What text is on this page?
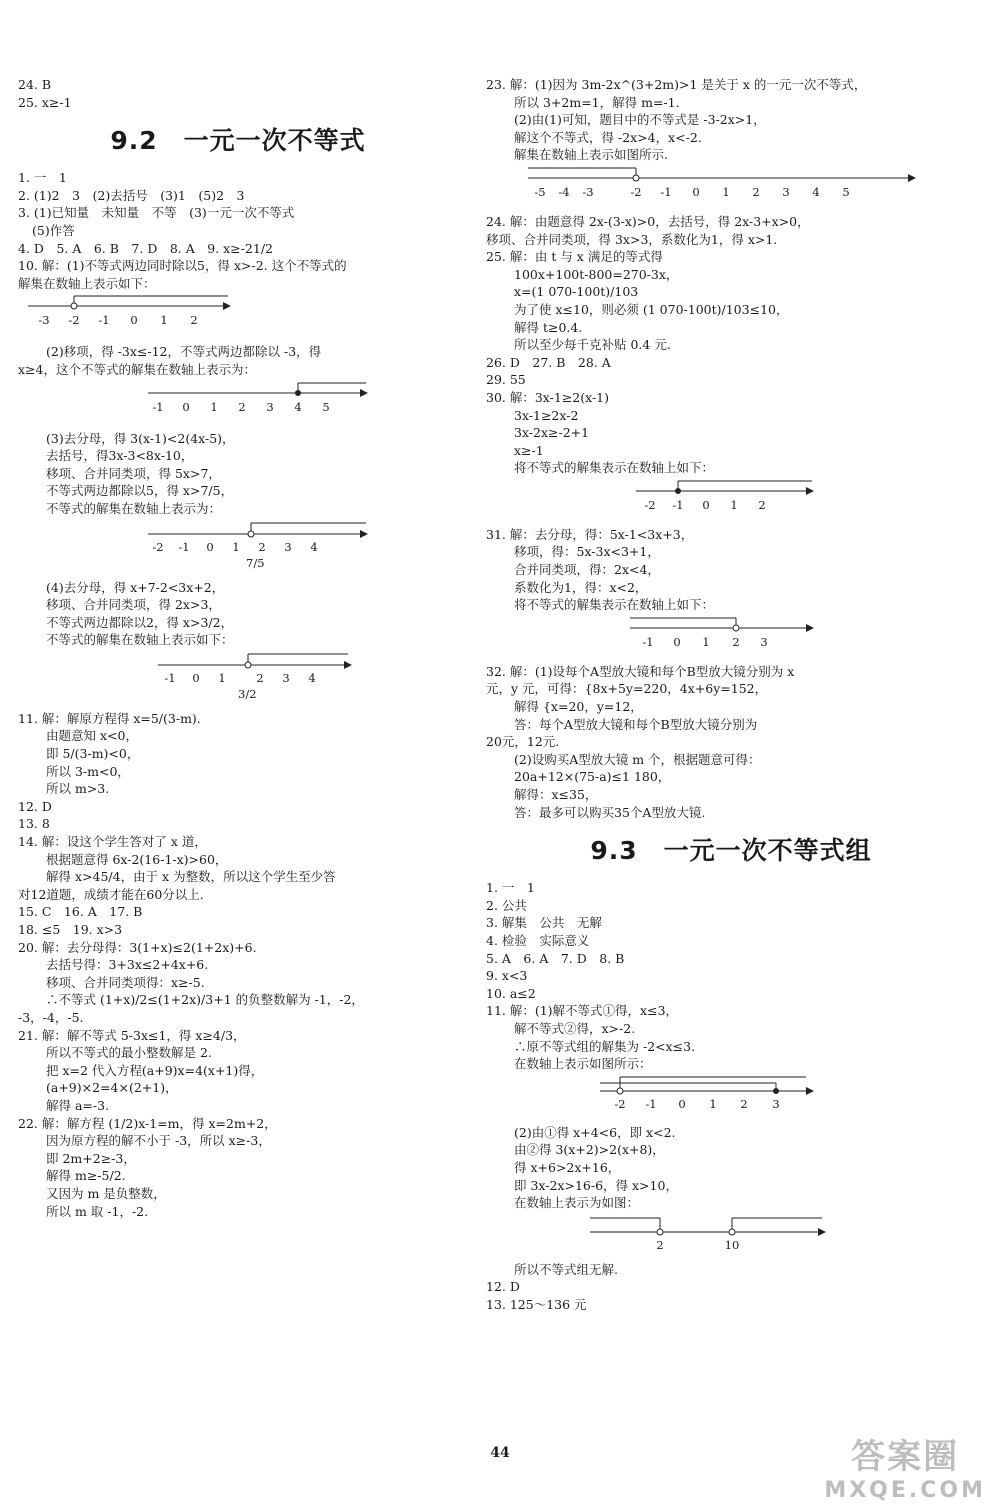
24. B
25. x≥-1
9.2　一元一次不等式
1. 一　1
2. (1)2　3　(2)去括号　(3)1　(5)2　3
3. (1)已知量　未知量　不等　(3)一元一次不等式
(5)作答
4. D　5. A　6. B　7. D　8. A　9. x≥-21/2
10. 解：(1)不等式两边同时除以5，得 x>-2. 这个不等式的
解集在数轴上表示如下：
-3 -2 -1 0 1 2
(2)移项，得 -3x≤-12，不等式两边都除以 -3，得
x≥4，这个不等式的解集在数轴上表示为：
-1 0 1 2 3 4 5
(3)去分母，得 3(x-1)<2(4x-5)，
去括号，得3x-3<8x-10，
移项、合并同类项，得 5x>7，
不等式两边都除以5，得 x>7/5，
不等式的解集在数轴上表示为：
-2 -1 0 1 2 3 4
7/5
(4)去分母，得 x+7-2<3x+2，
移项、合并同类项，得 2x>3，
不等式两边都除以2，得 x>3/2，
不等式的解集在数轴上表示如下：
-1 0 1	2 3 4
3/2
11. 解：解原方程得 x=5/(3-m).
由题意知 x<0，
即 5/(3-m)<0，
所以 3-m<0，
所以 m>3.
12. D
13. 8
14. 解：设这个学生答对了 x 道，
根据题意得 6x-2(16-1-x)>60，
解得 x>45/4，由于 x 为整数，所以这个学生至少答
对12道题，成绩才能在60分以上.
15. C　16. A　17. B
18. ≤5　19. x>3
20. 解：去分母得：3(1+x)≤2(1+2x)+6.
去括号得：3+3x≤2+4x+6.
移项、合并同类项得：x≥-5.
∴不等式 (1+x)/2≤(1+2x)/3+1 的负整数解为 -1，-2，
-3，-4，-5.
21. 解：解不等式 5-3x≤1，得 x≥4/3，
所以不等式的最小整数解是 2.
把 x=2 代入方程(a+9)x=4(x+1)得，
(a+9)×2=4×(2+1)，
解得 a=-3.
22. 解：解方程 (1/2)x-1=m，得 x=2m+2，
因为原方程的解不小于 -3，所以 x≥-3，
即 2m+2≥-3，
解得 m≥-5/2.
又因为 m 是负整数，
所以 m 取 -1，-2.
23. 解：(1)因为 3m-2x^(3+2m)>1 是关于 x 的一元一次不等式，
所以 3+2m=1，解得 m=-1.
(2)由(1)可知，题目中的不等式是 -3-2x>1，
解这个不等式，得 -2x>4，x<-2.
解集在数轴上表示如图所示.
-5 -4 -3	-2 -1 0 1 2 3 4 5
24. 解：由题意得 2x-(3-x)>0，去括号，得 2x-3+x>0，
移项、合并同类项，得 3x>3，系数化为1，得 x>1.
25. 解：由 t 与 x 满足的等式得
100x+100t-800=270-3x，
x=(1 070-100t)/103
为了使 x≤10，则必须 (1 070-100t)/103≤10，
解得 t≥0.4.
所以至少每千克补贴 0.4 元.
26. D　27. B　28. A
29. 55
30. 解：3x-1≥2(x-1)
3x-1≥2x-2
3x-2x≥-2+1
x≥-1
将不等式的解集表示在数轴上如下：
-2 -1 0 1 2
31. 解：去分母，得：5x-1<3x+3，
移项，得：5x-3x<3+1，
合并同类项，得：2x<4，
系数化为1，得：x<2，
将不等式的解集表示在数轴上如下：
-1 0 1 2 3
32. 解：(1)设每个A型放大镜和每个B型放大镜分别为 x
元，y 元，可得：{8x+5y=220，4x+6y=152，
解得 {x=20，y=12，
答：每个A型放大镜和每个B型放大镜分别为
20元，12元.
(2)设购买A型放大镜 m 个，根据题意可得：
20a+12×(75-a)≤1 180，
解得：x≤35，
答：最多可以购买35个A型放大镜.
9.3　一元一次不等式组
1. 一　1
2. 公共
3. 解集　公共　无解
4. 检验　实际意义
5. A　6. A　7. D　8. B
9. x<3
10. a≤2
11. 解：(1)解不等式①得，x≤3，
解不等式②得，x>-2.
∴原不等式组的解集为 -2<x≤3.
在数轴上表示如图所示：
-2 -1 0 1 2 3
(2)由①得 x+4<6，即 x<2.
由②得 3(x+2)>2(x+8)，
得 x+6>2x+16，
即 3x-2x>16-6，得 x>10，
在数轴上表示为如图：
2	10
所以不等式组无解.
12. D
13. 125～136 元
44	答案圈
MXQE.COM
